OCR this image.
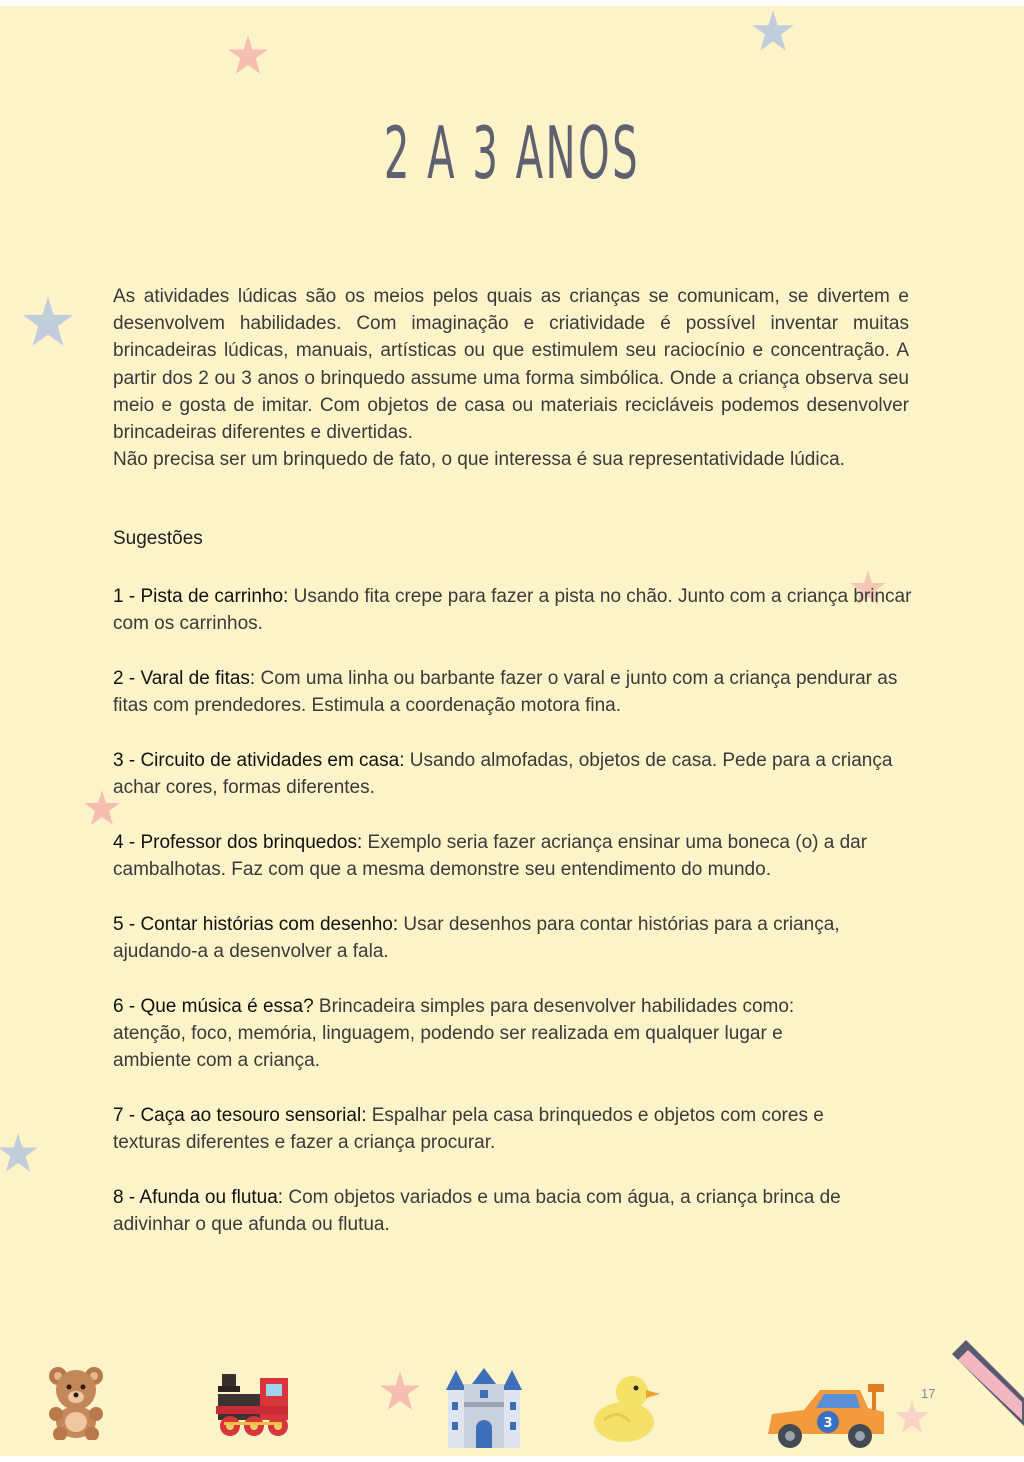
2 A 3 ANOS

As atividades lúdicas são os meios pelos quais as crianças se comunicam, se divertem e desenvolvem habilidades. Com imaginação e criatividade é possível inventar muitas brincadeiras lúdicas, manuais, artísticas ou que estimulem seu raciocínio e concentração. A partir dos 2 ou 3 anos o brinquedo assume uma forma simbólica. Onde a criança observa seu meio e gosta de imitar. Com objetos de casa ou materiais recicláveis podemos desenvolver brincadeiras diferentes e divertidas.

Não precisa ser um brinquedo de fato, o que interessa é sua representatividade lúdica.

Sugestões

1 - Pista de carrinho: Usando fita crepe para fazer a pista no chão. Junto com a criança brincar com os carrinhos.

2 - Varal de fitas: Com uma linha ou barbante fazer o varal e junto com a criança pendurar as fitas com prendedores. Estimula a coordenação motora fina.

3 - Circuito de atividades em casa: Usando almofadas, objetos de casa. Pede para a criança achar cores, formas diferentes.

4 - Professor dos brinquedos: Exemplo seria fazer acriança ensinar uma boneca (o) a dar cambalhotas. Faz com que a mesma demonstre seu entendimento do mundo.

5 - Contar histórias com desenho: Usar desenhos para contar histórias para a criança, ajudando-a a desenvolver a fala.

6 - Que música é essa? Brincadeira simples para desenvolver habilidades como: atenção, foco, memória, linguagem, podendo ser realizada em qualquer lugar e ambiente com a criança.

7 - Caça ao tesouro sensorial: Espalhar pela casa brinquedos e objetos com cores e texturas diferentes e fazer a criança procurar.

8 - Afunda ou flutua: Com objetos variados e uma bacia com água, a criança brinca de adivinhar o que afunda ou flutua.

3
17
